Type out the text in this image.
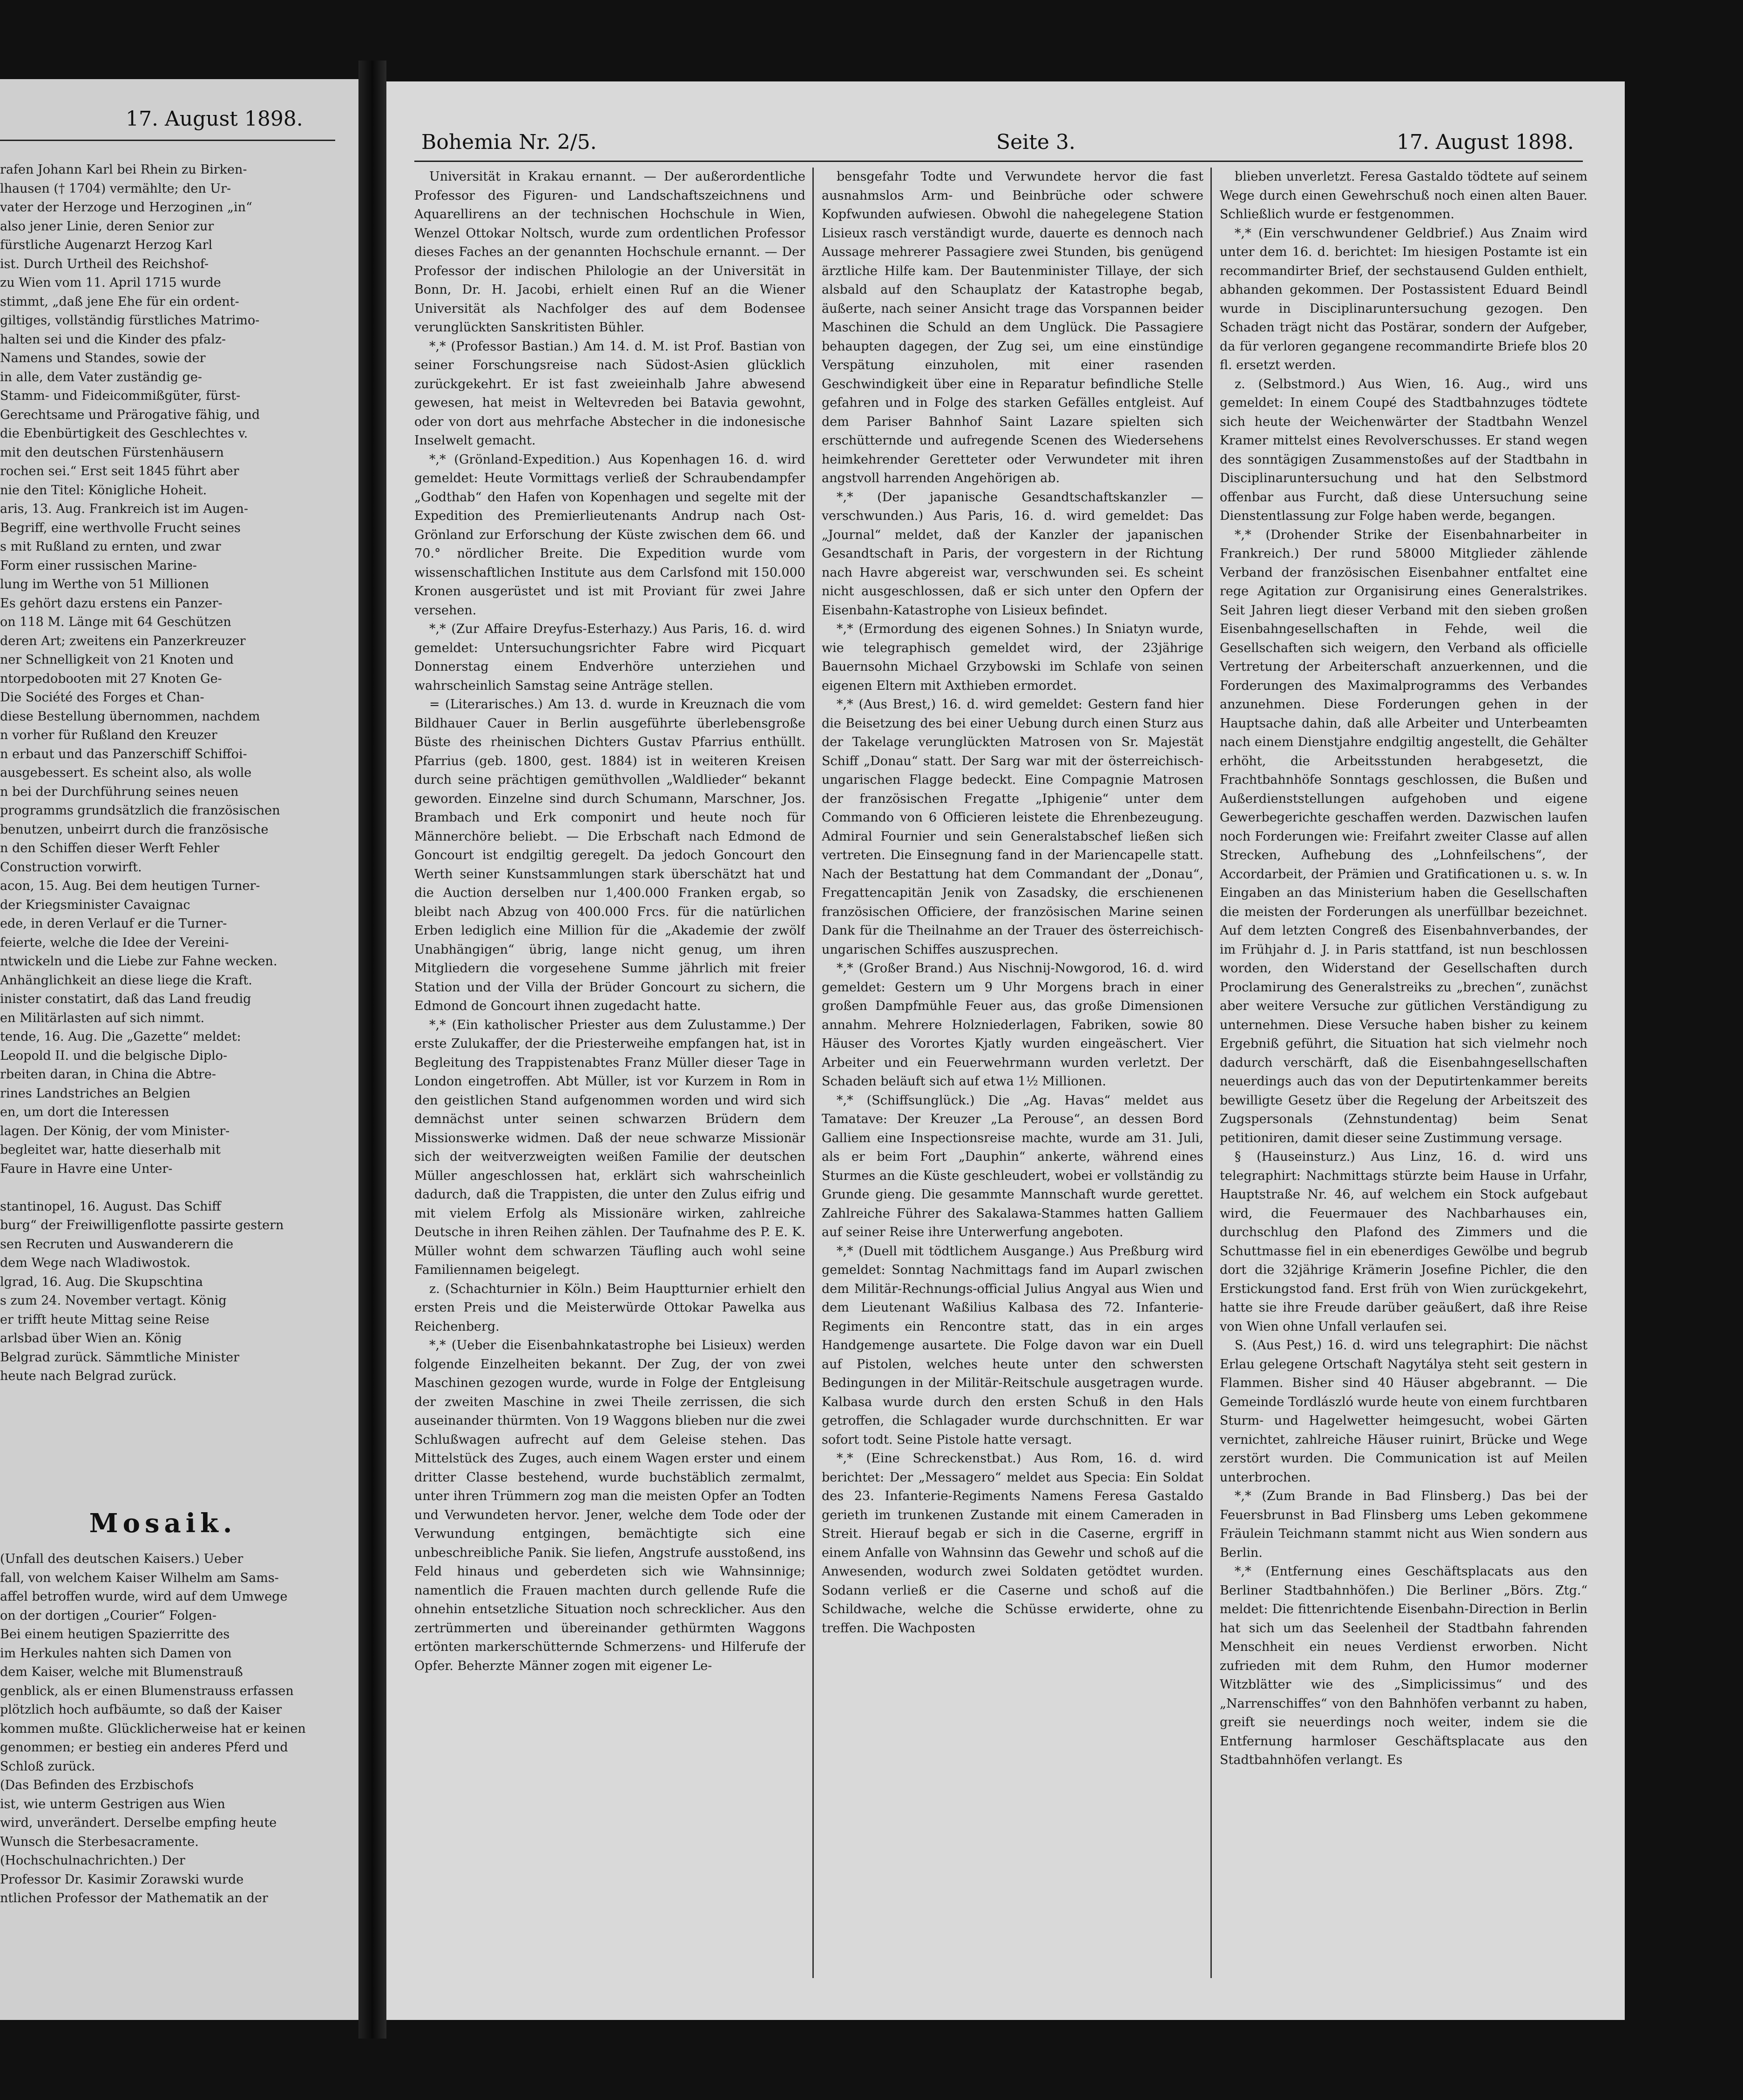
17. August 1898.
rafen Johann Karl bei Rhein zu Birken-
lhausen († 1704) vermählte; den Ur-
vater der Herzoge und Herzoginen „in“
also jener Linie, deren Senior zur
fürstliche Augenarzt Herzog Karl
ist. Durch Urtheil des Reichshof-
zu Wien vom 11. April 1715 wurde
stimmt, „daß jene Ehe für ein ordent-
giltiges, vollständig fürstliches Matrimo-
halten sei und die Kinder des pfalz-
Namens und Standes, sowie der
in alle, dem Vater zuständig ge-
Stamm- und Fideicommißgüter, fürst-
Gerechtsame und Prärogative fähig, und
die Ebenbürtigkeit des Geschlechtes v.
mit den deutschen Fürstenhäusern
rochen sei.“ Erst seit 1845 führt aber
nie den Titel: Königliche Hoheit.
aris, 13. Aug. Frankreich ist im Augen-
Begriff, eine werthvolle Frucht seines
s mit Rußland zu ernten, und zwar
Form einer russischen Marine-
lung im Werthe von 51 Millionen
Es gehört dazu erstens ein Panzer-
on 118 M. Länge mit 64 Geschützen
deren Art; zweitens ein Panzerkreuzer
ner Schnelligkeit von 21 Knoten und
ntorpedobooten mit 27 Knoten Ge-
Die Société des Forges et Chan-
diese Bestellung übernommen, nachdem
n vorher für Rußland den Kreuzer
n erbaut und das Panzerschiff Schiffoi-
ausgebessert. Es scheint also, als wolle
n bei der Durchführung seines neuen
programms grundsätzlich die französischen
benutzen, unbeirrt durch die französische
n den Schiffen dieser Werft Fehler
Construction vorwirft.
acon, 15. Aug. Bei dem heutigen Turner-
der Kriegsminister Cavaignac
ede, in deren Verlauf er die Turner-
feierte, welche die Idee der Vereini-
ntwickeln und die Liebe zur Fahne wecken.
Anhänglichkeit an diese liege die Kraft.
inister constatirt, daß das Land freudig
en Militärlasten auf sich nimmt.
tende, 16. Aug. Die „Gazette“ meldet:
Leopold II. und die belgische Diplo-
rbeiten daran, in China die Abtre-
rines Landstriches an Belgien
en, um dort die Interessen
lagen. Der König, der vom Minister-
begleitet war, hatte dieserhalb mit
Faure in Havre eine Unter-

stantinopel, 16. August. Das Schiff
burg“ der Freiwilligenflotte passirte gestern
sen Recruten und Auswanderern die
dem Wege nach Wladiwostok.
lgrad, 16. Aug. Die Skupschtina
s zum 24. November vertagt. König
er trifft heute Mittag seine Reise
arlsbad über Wien an. König
Belgrad zurück. Sämmtliche Minister
heute nach Belgrad zurück.
Mosaik.
(Unfall des deutschen Kaisers.) Ueber
fall, von welchem Kaiser Wilhelm am Sams-
affel betroffen wurde, wird auf dem Umwege
on der dortigen „Courier“ Folgen-
Bei einem heutigen Spazierritte des
im Herkules nahten sich Damen von
dem Kaiser, welche mit Blumenstrauß
genblick, als er einen Blumenstrauss erfassen
plötzlich hoch aufbäumte, so daß der Kaiser
kommen mußte. Glücklicherweise hat er keinen
genommen; er bestieg ein anderes Pferd und
Schloß zurück.
(Das Befinden des Erzbischofs
ist, wie unterm Gestrigen aus Wien
wird, unverändert. Derselbe empfing heute
Wunsch die Sterbesacramente.
(Hochschulnachrichten.) Der
Professor Dr. Kasimir Zorawski wurde
ntlichen Professor der Mathematik an der
Bohemia Nr. 2/5.	Seite 3.	17. August 1898.

Universität in Krakau ernannt. — Der außerordentliche Professor des Figuren- und Landschaftszeichnens und Aquarellirens an der technischen Hochschule in Wien, Wenzel Ottokar Noltsch, wurde zum ordentlichen Professor dieses Faches an der genannten Hochschule ernannt. — Der Professor der indischen Philologie an der Universität in Bonn, Dr. H. Jacobi, erhielt einen Ruf an die Wiener Universität als Nachfolger des auf dem Bodensee verunglückten Sanskritisten Bühler.

*,* (Professor Bastian.) Am 14. d. M. ist Prof. Bastian von seiner Forschungsreise nach Südost-Asien glücklich zurückgekehrt. Er ist fast zweieinhalb Jahre abwesend gewesen, hat meist in Weltevreden bei Batavia gewohnt, oder von dort aus mehrfache Abstecher in die indonesische Inselwelt gemacht.

*,* (Grönland-Expedition.) Aus Kopenhagen 16. d. wird gemeldet: Heute Vormittags verließ der Schraubendampfer „Godthab“ den Hafen von Kopenhagen und segelte mit der Expedition des Premierlieutenants Andrup nach Ost-Grönland zur Erforschung der Küste zwischen dem 66. und 70.° nördlicher Breite. Die Expedition wurde vom wissenschaftlichen Institute aus dem Carlsfond mit 150.000 Kronen ausgerüstet und ist mit Proviant für zwei Jahre versehen.

*,* (Zur Affaire Dreyfus-Esterhazy.) Aus Paris, 16. d. wird gemeldet: Untersuchungsrichter Fabre wird Picquart Donnerstag einem Endverhöre unterziehen und wahrscheinlich Samstag seine Anträge stellen.

= (Literarisches.) Am 13. d. wurde in Kreuznach die vom Bildhauer Cauer in Berlin ausgeführte überlebensgroße Büste des rheinischen Dichters Gustav Pfarrius enthüllt. Pfarrius (geb. 1800, gest. 1884) ist in weiteren Kreisen durch seine prächtigen gemüthvollen „Waldlieder“ bekannt geworden. Einzelne sind durch Schumann, Marschner, Jos. Brambach und Erk componirt und heute noch für Männerchöre beliebt. — Die Erbschaft nach Edmond de Goncourt ist endgiltig geregelt. Da jedoch Goncourt den Werth seiner Kunstsammlungen stark überschätzt hat und die Auction derselben nur 1,400.000 Franken ergab, so bleibt nach Abzug von 400.000 Frcs. für die natürlichen Erben lediglich eine Million für die „Akademie der zwölf Unabhängigen“ übrig, lange nicht genug, um ihren Mitgliedern die vorgesehene Summe jährlich mit freier Station und der Villa der Brüder Goncourt zu sichern, die Edmond de Goncourt ihnen zugedacht hatte.

*,* (Ein katholischer Priester aus dem Zulustamme.) Der erste Zulukaffer, der die Priesterweihe empfangen hat, ist in Begleitung des Trappistenabtes Franz Müller dieser Tage in London eingetroffen. Abt Müller, ist vor Kurzem in Rom in den geistlichen Stand aufgenommen worden und wird sich demnächst unter seinen schwarzen Brüdern dem Missionswerke widmen. Daß der neue schwarze Missionär sich der weitverzweigten weißen Familie der deutschen Müller angeschlossen hat, erklärt sich wahrscheinlich dadurch, daß die Trappisten, die unter den Zulus eifrig und mit vielem Erfolg als Missionäre wirken, zahlreiche Deutsche in ihren Reihen zählen. Der Taufnahme des P. E. K. Müller wohnt dem schwarzen Täufling auch wohl seine Familiennamen beigelegt.

z. (Schachturnier in Köln.) Beim Hauptturnier erhielt den ersten Preis und die Meisterwürde Ottokar Pawelka aus Reichenberg.

*,* (Ueber die Eisenbahnkatastrophe bei Lisieux) werden folgende Einzelheiten bekannt. Der Zug, der von zwei Maschinen gezogen wurde, wurde in Folge der Entgleisung der zweiten Maschine in zwei Theile zerrissen, die sich auseinander thürmten. Von 19 Waggons blieben nur die zwei Schlußwagen aufrecht auf dem Geleise stehen. Das Mittelstück des Zuges, auch einem Wagen erster und einem dritter Classe bestehend, wurde buchstäblich zermalmt, unter ihren Trümmern zog man die meisten Opfer an Todten und Verwundeten hervor. Jener, welche dem Tode oder der Verwundung entgingen, bemächtigte sich eine unbeschreibliche Panik. Sie liefen, Angstrufe ausstoßend, ins Feld hinaus und geberdeten sich wie Wahnsinnige; namentlich die Frauen machten durch gellende Rufe die ohnehin entsetzliche Situation noch schrecklicher. Aus den zertrümmerten und übereinander gethürmten Waggons ertönten markerschütternde Schmerzens- und Hilferufe der Opfer. Beherzte Männer zogen mit eigener Le-

bensgefahr Todte und Verwundete hervor die fast ausnahmslos Arm- und Beinbrüche oder schwere Kopfwunden aufwiesen. Obwohl die nahegelegene Station Lisieux rasch verständigt wurde, dauerte es dennoch nach Aussage mehrerer Passagiere zwei Stunden, bis genügend ärztliche Hilfe kam. Der Bautenminister Tillaye, der sich alsbald auf den Schauplatz der Katastrophe begab, äußerte, nach seiner Ansicht trage das Vorspannen beider Maschinen die Schuld an dem Unglück. Die Passagiere behaupten dagegen, der Zug sei, um eine einstündige Verspätung einzuholen, mit einer rasenden Geschwindigkeit über eine in Reparatur befindliche Stelle gefahren und in Folge des starken Gefälles entgleist. Auf dem Pariser Bahnhof Saint Lazare spielten sich erschütternde und aufregende Scenen des Wiedersehens heimkehrender Geretteter oder Verwundeter mit ihren angstvoll harrenden Angehörigen ab.

*,* (Der japanische Gesandtschaftskanzler — verschwunden.) Aus Paris, 16. d. wird gemeldet: Das „Journal“ meldet, daß der Kanzler der japanischen Gesandtschaft in Paris, der vorgestern in der Richtung nach Havre abgereist war, verschwunden sei. Es scheint nicht ausgeschlossen, daß er sich unter den Opfern der Eisenbahn-Katastrophe von Lisieux befindet.

*,* (Ermordung des eigenen Sohnes.) In Sniatyn wurde, wie telegraphisch gemeldet wird, der 23jährige Bauernsohn Michael Grzybowski im Schlafe von seinen eigenen Eltern mit Axthieben ermordet.

*,* (Aus Brest,) 16. d. wird gemeldet: Gestern fand hier die Beisetzung des bei einer Uebung durch einen Sturz aus der Takelage verunglückten Matrosen von Sr. Majestät Schiff „Donau“ statt. Der Sarg war mit der österreichisch-ungarischen Flagge bedeckt. Eine Compagnie Matrosen der französischen Fregatte „Iphigenie“ unter dem Commando von 6 Officieren leistete die Ehrenbezeugung. Admiral Fournier und sein Generalstabschef ließen sich vertreten. Die Einsegnung fand in der Mariencapelle statt. Nach der Bestattung hat dem Commandant der „Donau“, Fregattencapitän Jenik von Zasadsky, die erschienenen französischen Officiere, der französischen Marine seinen Dank für die Theilnahme an der Trauer des österreichisch-ungarischen Schiffes auszusprechen.

*,* (Großer Brand.) Aus Nischnij-Nowgorod, 16. d. wird gemeldet: Gestern um 9 Uhr Morgens brach in einer großen Dampfmühle Feuer aus, das große Dimensionen annahm. Mehrere Holzniederlagen, Fabriken, sowie 80 Häuser des Vorortes Kjatly wurden eingeäschert. Vier Arbeiter und ein Feuerwehrmann wurden verletzt. Der Schaden beläuft sich auf etwa 1½ Millionen.

*,* (Schiffsunglück.) Die „Ag. Havas“ meldet aus Tamatave: Der Kreuzer „La Perouse“, an dessen Bord Galliem eine Inspectionsreise machte, wurde am 31. Juli, als er beim Fort „Dauphin“ ankerte, während eines Sturmes an die Küste geschleudert, wobei er vollständig zu Grunde gieng. Die gesammte Mannschaft wurde gerettet. Zahlreiche Führer des Sakalawa-Stammes hatten Galliem auf seiner Reise ihre Unterwerfung angeboten.

*,* (Duell mit tödtlichem Ausgange.) Aus Preßburg wird gemeldet: Sonntag Nachmittags fand im Auparl zwischen dem Militär-Rechnungs-official Julius Angyal aus Wien und dem Lieutenant Waßilius Kalbasa des 72. Infanterie-Regiments ein Rencontre statt, das in ein arges Handgemenge ausartete. Die Folge davon war ein Duell auf Pistolen, welches heute unter den schwersten Bedingungen in der Militär-Reitschule ausgetragen wurde. Kalbasa wurde durch den ersten Schuß in den Hals getroffen, die Schlagader wurde durchschnitten. Er war sofort todt. Seine Pistole hatte versagt.

*,* (Eine Schreckenstbat.) Aus Rom, 16. d. wird berichtet: Der „Messagero“ meldet aus Specia: Ein Soldat des 23. Infanterie-Regiments Namens Feresa Gastaldo gerieth im trunkenen Zustande mit einem Cameraden in Streit. Hierauf begab er sich in die Caserne, ergriff in einem Anfalle von Wahnsinn das Gewehr und schoß auf die Anwesenden, wodurch zwei Soldaten getödtet wurden. Sodann verließ er die Caserne und schoß auf die Schildwache, welche die Schüsse erwiderte, ohne zu treffen. Die Wachposten

blieben unverletzt. Feresa Gastaldo tödtete auf seinem Wege durch einen Gewehrschuß noch einen alten Bauer. Schließlich wurde er festgenommen.

*,* (Ein verschwundener Geldbrief.) Aus Znaim wird unter dem 16. d. berichtet: Im hiesigen Postamte ist ein recommandirter Brief, der sechstausend Gulden enthielt, abhanden gekommen. Der Postassistent Eduard Beindl wurde in Disciplinaruntersuchung gezogen. Den Schaden trägt nicht das Postärar, sondern der Aufgeber, da für verloren gegangene recommandirte Briefe blos 20 fl. ersetzt werden.

z. (Selbstmord.) Aus Wien, 16. Aug., wird uns gemeldet: In einem Coupé des Stadtbahnzuges tödtete sich heute der Weichenwärter der Stadtbahn Wenzel Kramer mittelst eines Revolverschusses. Er stand wegen des sonntägigen Zusammenstoßes auf der Stadtbahn in Disciplinaruntersuchung und hat den Selbstmord offenbar aus Furcht, daß diese Untersuchung seine Dienstentlassung zur Folge haben werde, begangen.

*,* (Drohender Strike der Eisenbahnarbeiter in Frankreich.) Der rund 58000 Mitglieder zählende Verband der französischen Eisenbahner entfaltet eine rege Agitation zur Organisirung eines Generalstrikes. Seit Jahren liegt dieser Verband mit den sieben großen Eisenbahngesellschaften in Fehde, weil die Gesellschaften sich weigern, den Verband als officielle Vertretung der Arbeiterschaft anzuerkennen, und die Forderungen des Maximalprogramms des Verbandes anzunehmen. Diese Forderungen gehen in der Hauptsache dahin, daß alle Arbeiter und Unterbeamten nach einem Dienstjahre endgiltig angestellt, die Gehälter erhöht, die Arbeitsstunden herabgesetzt, die Frachtbahnhöfe Sonntags geschlossen, die Bußen und Außerdienststellungen aufgehoben und eigene Gewerbegerichte geschaffen werden. Dazwischen laufen noch Forderungen wie: Freifahrt zweiter Classe auf allen Strecken, Aufhebung des „Lohnfeilschens“, der Accordarbeit, der Prämien und Gratificationen u. s. w. In Eingaben an das Ministerium haben die Gesellschaften die meisten der Forderungen als unerfüllbar bezeichnet. Auf dem letzten Congreß des Eisenbahnverbandes, der im Frühjahr d. J. in Paris stattfand, ist nun beschlossen worden, den Widerstand der Gesellschaften durch Proclamirung des Generalstreiks zu „brechen“, zunächst aber weitere Versuche zur gütlichen Verständigung zu unternehmen. Diese Versuche haben bisher zu keinem Ergebniß geführt, die Situation hat sich vielmehr noch dadurch verschärft, daß die Eisenbahngesellschaften neuerdings auch das von der Deputirtenkammer bereits bewilligte Gesetz über die Regelung der Arbeitszeit des Zugspersonals (Zehnstundentag) beim Senat petitioniren, damit dieser seine Zustimmung versage.

§ (Hauseinsturz.) Aus Linz, 16. d. wird uns telegraphirt: Nachmittags stürzte beim Hause in Urfahr, Hauptstraße Nr. 46, auf welchem ein Stock aufgebaut wird, die Feuermauer des Nachbarhauses ein, durchschlug den Plafond des Zimmers und die Schuttmasse fiel in ein ebenerdiges Gewölbe und begrub dort die 32jährige Krämerin Josefine Pichler, die den Erstickungstod fand. Erst früh von Wien zurückgekehrt, hatte sie ihre Freude darüber geäußert, daß ihre Reise von Wien ohne Unfall verlaufen sei.

S. (Aus Pest,) 16. d. wird uns telegraphirt: Die nächst Erlau gelegene Ortschaft Nagytálya steht seit gestern in Flammen. Bisher sind 40 Häuser abgebrannt. — Die Gemeinde Tordlászló wurde heute von einem furchtbaren Sturm- und Hagelwetter heimgesucht, wobei Gärten vernichtet, zahlreiche Häuser ruinirt, Brücke und Wege zerstört wurden. Die Communication ist auf Meilen unterbrochen.

*,* (Zum Brande in Bad Flinsberg.) Das bei der Feuersbrunst in Bad Flinsberg ums Leben gekommene Fräulein Teichmann stammt nicht aus Wien sondern aus Berlin.

*,* (Entfernung eines Geschäftsplacats aus den Berliner Stadtbahnhöfen.) Die Berliner „Börs. Ztg.“ meldet: Die fittenrichtende Eisenbahn-Direction in Berlin hat sich um das Seelenheil der Stadtbahn fahrenden Menschheit ein neues Verdienst erworben. Nicht zufrieden mit dem Ruhm, den Humor moderner Witzblätter wie des „Simplicissimus“ und des „Narrenschiffes“ von den Bahnhöfen verbannt zu haben, greift sie neuerdings noch weiter, indem sie die Entfernung harmloser Geschäftsplacate aus den Stadtbahnhöfen verlangt. Es
